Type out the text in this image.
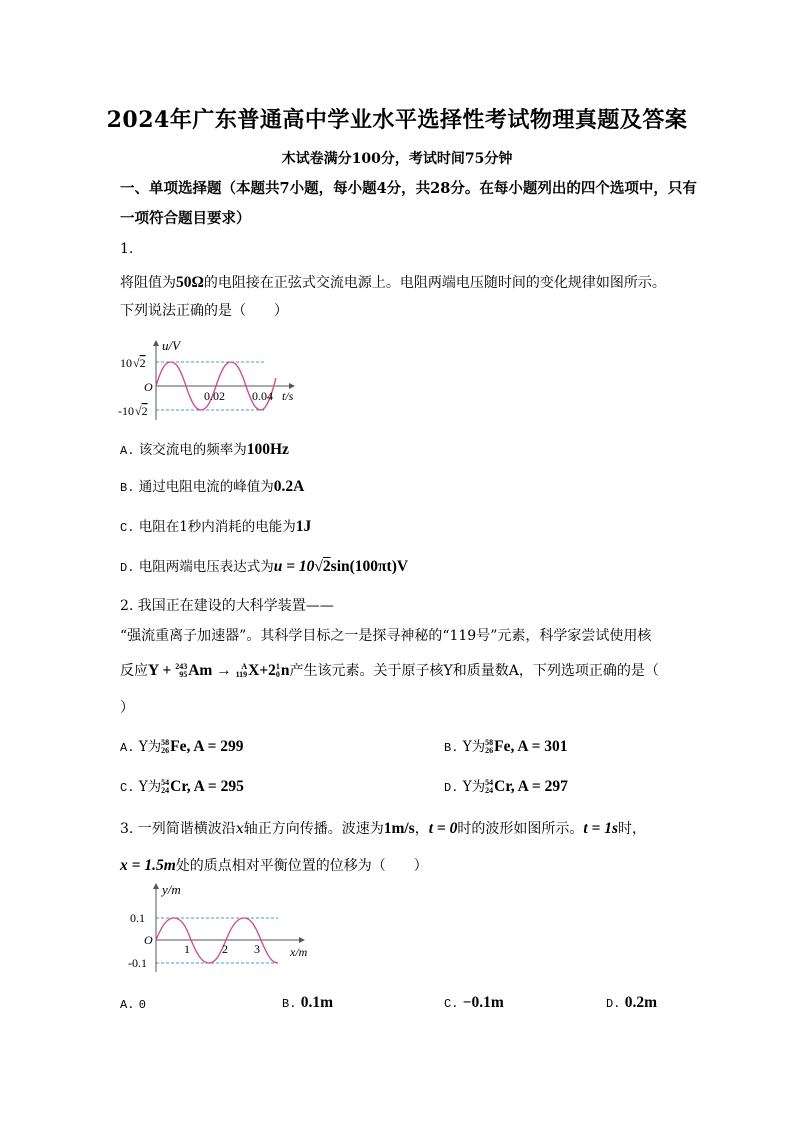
2024年广东普通高中学业水平选择性考试物理真题及答案
木试卷满分100分，考试时间75分钟
一、单项选择题（本题共7小题，每小题4分，共28分。在每小题列出的四个选项中，只有
一项符合题目要求）
1.
将阻值为50Ω的电阻接在正弦式交流电源上。电阻两端电压随时间的变化规律如图所示。
下列说法正确的是（　　）
u/V
10√2
O
-10√2
0.02 0.04 t/s
A. 该交流电的频率为100Hz
B. 通过电阻电流的峰值为0.2A
C. 电阻在1秒内消耗的电能为1J
D. 电阻两端电压表达式为u = 10√2sin(100πt)V
2. 我国正在建设的大科学装置——
“强流重离子加速器”。其科学目标之一是探寻神秘的“119号”元素，科学家尝试使用核
反应Y + 243
95 Am →	A
119 X+2 1
0 n产生该元素。关于原子核Y和质量数A，下列选项正确的是（
）
A. Y为 58
26 Fe, A = 299	B. Y为 58
26 Fe, A = 301
C. Y为 54
24 Cr, A = 295	D. Y为 54
24 Cr, A = 297
3. 一列简谐横波沿x轴正方向传播。波速为1m/s，t = 0时的波形如图所示。t = 1s时，
x = 1.5m处的质点相对平衡位置的位移为（　　）
y/m
0.1
O
-0.1
1	2 3	x/m
A. 0	B. 0.1m	C. −0.1m	D. 0.2m
